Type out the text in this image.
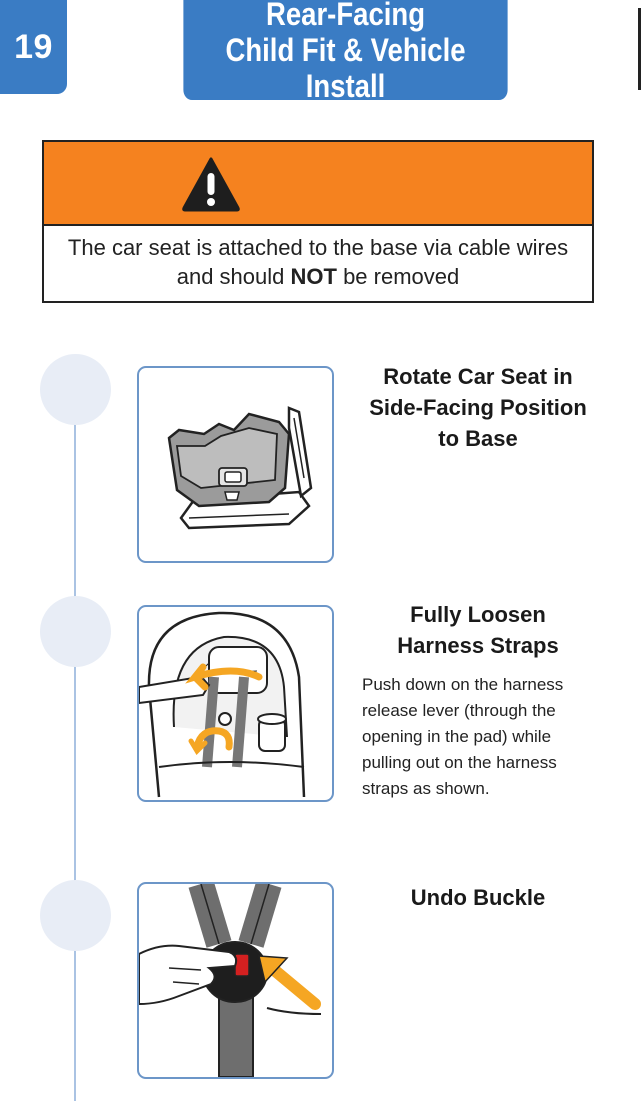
19
Rear-Facing
Child Fit & Vehicle Install
The car seat is attached to the base via cable wires
and should NOT be removed
Rotate Car Seat in
Side-Facing Position
to Base
Fully Loosen
Harness Straps
Push down on the harness
release lever (through the
opening in the pad) while
pulling out on the harness
straps as shown.
Undo Buckle
